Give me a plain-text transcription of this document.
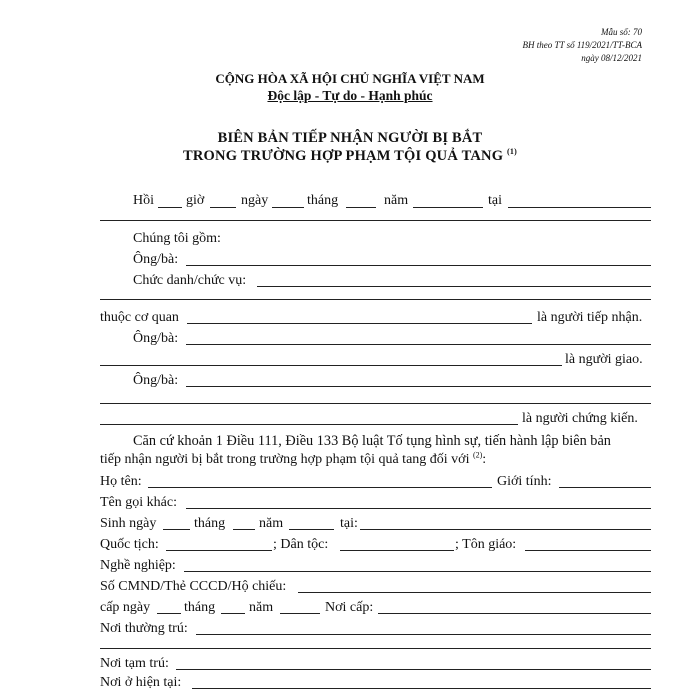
Mẫu số: 70
BH theo TT số 119/2021/TT-BCA
ngày 08/12/2021
CỘNG HÒA XÃ HỘI CHỦ NGHĨA VIỆT NAM
Độc lập - Tự do - Hạnh phúc
BIÊN BẢN TIẾP NHẬN NGƯỜI BỊ BẮT
TRONG TRƯỜNG HỢP PHẠM TỘI QUẢ TANG $^{(1)}$
Hồi giờ	ngày	tháng	năm	tại
Chúng tôi gồm:
Ông/bà:
Chức danh/chức vụ:
thuộc cơ quan	là người tiếp nhận.
Ông/bà:
là người giao.
Ông/bà:
là người chứng kiến.
Căn cứ khoản 1 Điều 111, Điều 133 Bộ luật Tố tụng hình sự, tiến hành lập biên bản
tiếp nhận người bị bắt trong trường hợp phạm tội quả tang đối với $^{(2)}$:
Họ tên:	Giới tính:
Tên gọi khác:
Sinh ngày	tháng năm	tại:
Quốc tịch:	; Dân tộc:	; Tôn giáo:
Nghề nghiệp:
Số CMND/Thẻ CCCD/Hộ chiếu:
cấp ngày tháng năm	Nơi cấp:
Nơi thường trú:
Nơi tạm trú:
Nơi ở hiện tại:
